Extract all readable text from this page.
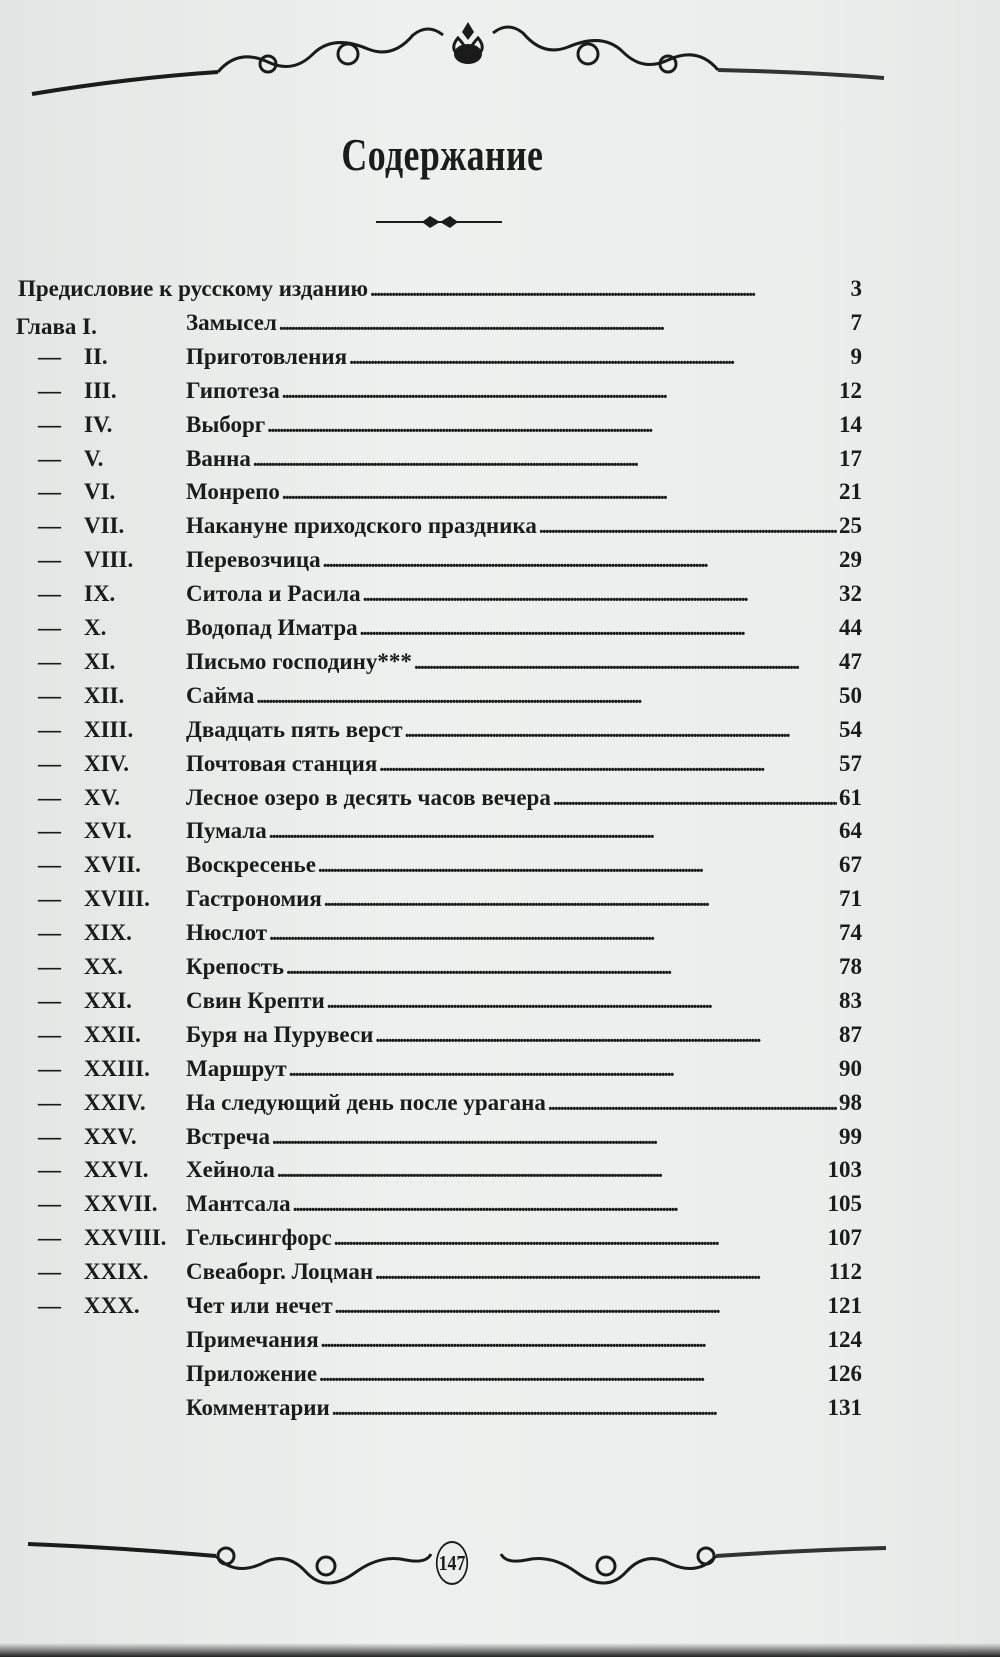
Содержание
Предисловие к русскому изданию . . .	3
Глава I.	Замысел . . .	7
— II.	Приготовления . . .	9
— III.	Гипотеза . . .	12
— IV.	Выборг . . .	14
— V.	Ванна . . .	17
— VI.	Монрепо . . .	21
— VII.	Накануне приходского праздника . . .	25
— VIII. Перевозчица . . .	29
— IX.	Ситола и Расила . . .	32
— X.	Водопад Иматра . . .	44
— XI.	Письмо господину*** . . .	47
— XII.	Сайма . . .	50
— XIII. Двадцать пять верст . . .	54
— XIV. Почтовая станция . . .	57
— XV.	Лесное озеро в десять часов вечера . . .	61
— XVI. Пумала . . .	64
— XVII. Воскресенье . . .	67
— XVIII. Гастрономия . . .	71
— XIX. Нюслот . . .	74
— XX.	Крепость . . .	78
— XXI. Свин Крепти . . .	83
— XXII. Буря на Пурувеси . . .	87
— XXIII. Маршрут . . .	90
— XXIV. На следующий день после урагана . . .	98
— XXV. Встреча . . .	99
— XXVI. Хейнола . . .	103
— XXVII. Мантсала . . .	105
— XXVIII. Гельсингфорс . . .	107
— XXIX. Свеаборг. Лоцман . . .	112
— XXX. Чет или нечет . . .	121
Примечания . . .	124
Приложение . . .	126
Комментарии . . .	131
147
